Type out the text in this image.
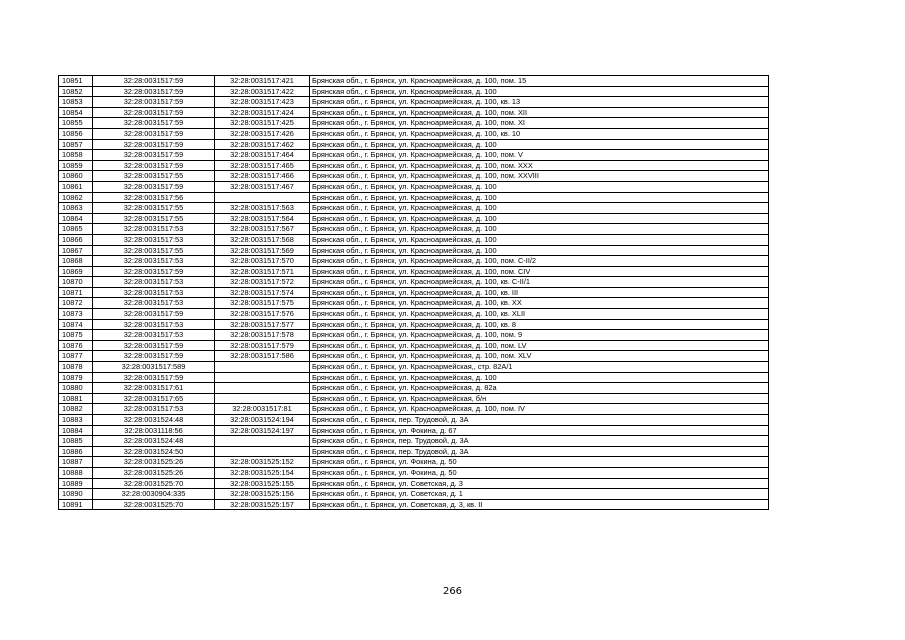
10851	32:28:0031517:59	32:28:0031517:421	Брянская обл., г. Брянск, ул. Красноармейская, д. 100, пом. 15
10852	32:28:0031517:59	32:28:0031517:422	Брянская обл., г. Брянск, ул. Красноармейская, д. 100
10853	32:28:0031517:59	32:28:0031517:423	Брянская обл., г. Брянск, ул. Красноармейская, д. 100, кв. 13
10854	32:28:0031517:59	32:28:0031517:424	Брянская обл., г. Брянск, ул. Красноармейская, д. 100, пом. XII
10855	32:28:0031517:59	32:28:0031517:425	Брянская обл., г. Брянск, ул. Красноармейская, д. 100, пом. XI
10856	32:28:0031517:59	32:28:0031517:426	Брянская обл., г. Брянск, ул. Красноармейская, д. 100, кв. 10
10857	32:28:0031517:59	32:28:0031517:462	Брянская обл., г. Брянск, ул. Красноармейская, д. 100
10858	32:28:0031517:59	32:28:0031517:464	Брянская обл., г. Брянск, ул. Красноармейская, д. 100, пом. V
10859	32:28:0031517:59	32:28:0031517:465	Брянская обл., г. Брянск, ул. Красноармейская, д. 100, пом. XXX
10860	32:28:0031517:55	32:28:0031517:466	Брянская обл., г. Брянск, ул. Красноармейская, д. 100, пом. XXVIII
10861	32:28:0031517:59	32:28:0031517:467	Брянская обл., г. Брянск, ул. Красноармейская, д. 100
10862	32:28:0031517:56		Брянская обл., г. Брянск, ул. Красноармейская, д. 100
10863	32:28:0031517:55	32:28:0031517:563	Брянская обл., г. Брянск, ул. Красноармейская, д. 100
10864	32:28:0031517:55	32:28:0031517:564	Брянская обл., г. Брянск, ул. Красноармейская, д. 100
10865	32:28:0031517:53	32:28:0031517:567	Брянская обл., г. Брянск, ул. Красноармейская, д. 100
10866	32:28:0031517:53	32:28:0031517:568	Брянская обл., г. Брянск, ул. Красноармейская, д. 100
10867	32:28:0031517:55	32:28:0031517:569	Брянская обл., г. Брянск, ул. Красноармейская, д. 100
10868	32:28:0031517:53	32:28:0031517:570	Брянская обл., г. Брянск, ул. Красноармейская, д. 100, пом. С-II/2
10869	32:28:0031517:59	32:28:0031517:571	Брянская обл., г. Брянск, ул. Красноармейская, д. 100, пом. CIV
10870	32:28:0031517:53	32:28:0031517:572	Брянская обл., г. Брянск, ул. Красноармейская, д. 100, кв. С-II/1
10871	32:28:0031517:53	32:28:0031517:574	Брянская обл., г. Брянск, ул. Красноармейская, д. 100, кв. III
10872	32:28:0031517:53	32:28:0031517:575	Брянская обл., г. Брянск, ул. Красноармейская, д. 100, кв. XX
10873	32:28:0031517:59	32:28:0031517:576	Брянская обл., г. Брянск, ул. Красноармейская, д. 100, кв. XLII
10874	32:28:0031517:53	32:28:0031517:577	Брянская обл., г. Брянск, ул. Красноармейская, д. 100, кв. 8
10875	32:28:0031517:53	32:28:0031517:578	Брянская обл., г. Брянск, ул. Красноармейская, д. 100, пом. 9
10876	32:28:0031517:59	32:28:0031517:579	Брянская обл., г. Брянск, ул. Красноармейская, д. 100, пом. LV
10877	32:28:0031517:59	32:28:0031517:586	Брянская обл., г. Брянск, ул. Красноармейская, д. 100, пом. XLV
10878	32:28:0031517:589		Брянская обл., г. Брянск, ул. Красноармейская,, стр. 82А/1
10879	32:28:0031517:59		Брянская обл., г. Брянск, ул. Красноармейская, д. 100
10880	32:28:0031517:61		Брянская обл., г. Брянск, ул. Красноармейская, д. 82а
10881	32:28:0031517:65		Брянская обл., г. Брянск, ул. Красноармейская, б/н
10882	32:28:0031517:53	32:28:0031517:81	Брянская обл., г. Брянск, ул. Красноармейская, д. 100, пом. IV
10883	32:28:0031524:48	32:28:0031524:194	Брянская обл., г. Брянск, пер. Трудовой, д. 3А
10884	32:28:0031118:56	32:28:0031524:197	Брянская обл., г. Брянск, ул. Фокина, д. 67
10885	32:28:0031524:48		Брянская обл., г. Брянск, пер. Трудовой, д. 3А
10886	32:28:0031524:50		Брянская обл., г. Брянск, пер. Трудовой, д. 3А
10887	32:28:0031525:26	32:28:0031525:152	Брянская обл., г. Брянск, ул. Фокина, д. 50
10888	32:28:0031525:26	32:28:0031525:154	Брянская обл., г. Брянск, ул. Фокина, д. 50
10889	32:28:0031525:70	32:28:0031525:155	Брянская обл., г. Брянск, ул. Советская, д. 3
10890	32:28:0030904:335	32:28:0031525:156	Брянская обл., г. Брянск, ул. Советская, д. 1
10891	32:28:0031525:70	32:28:0031525:157	Брянская обл., г. Брянск, ул. Советская, д. 3, кв. II
266
